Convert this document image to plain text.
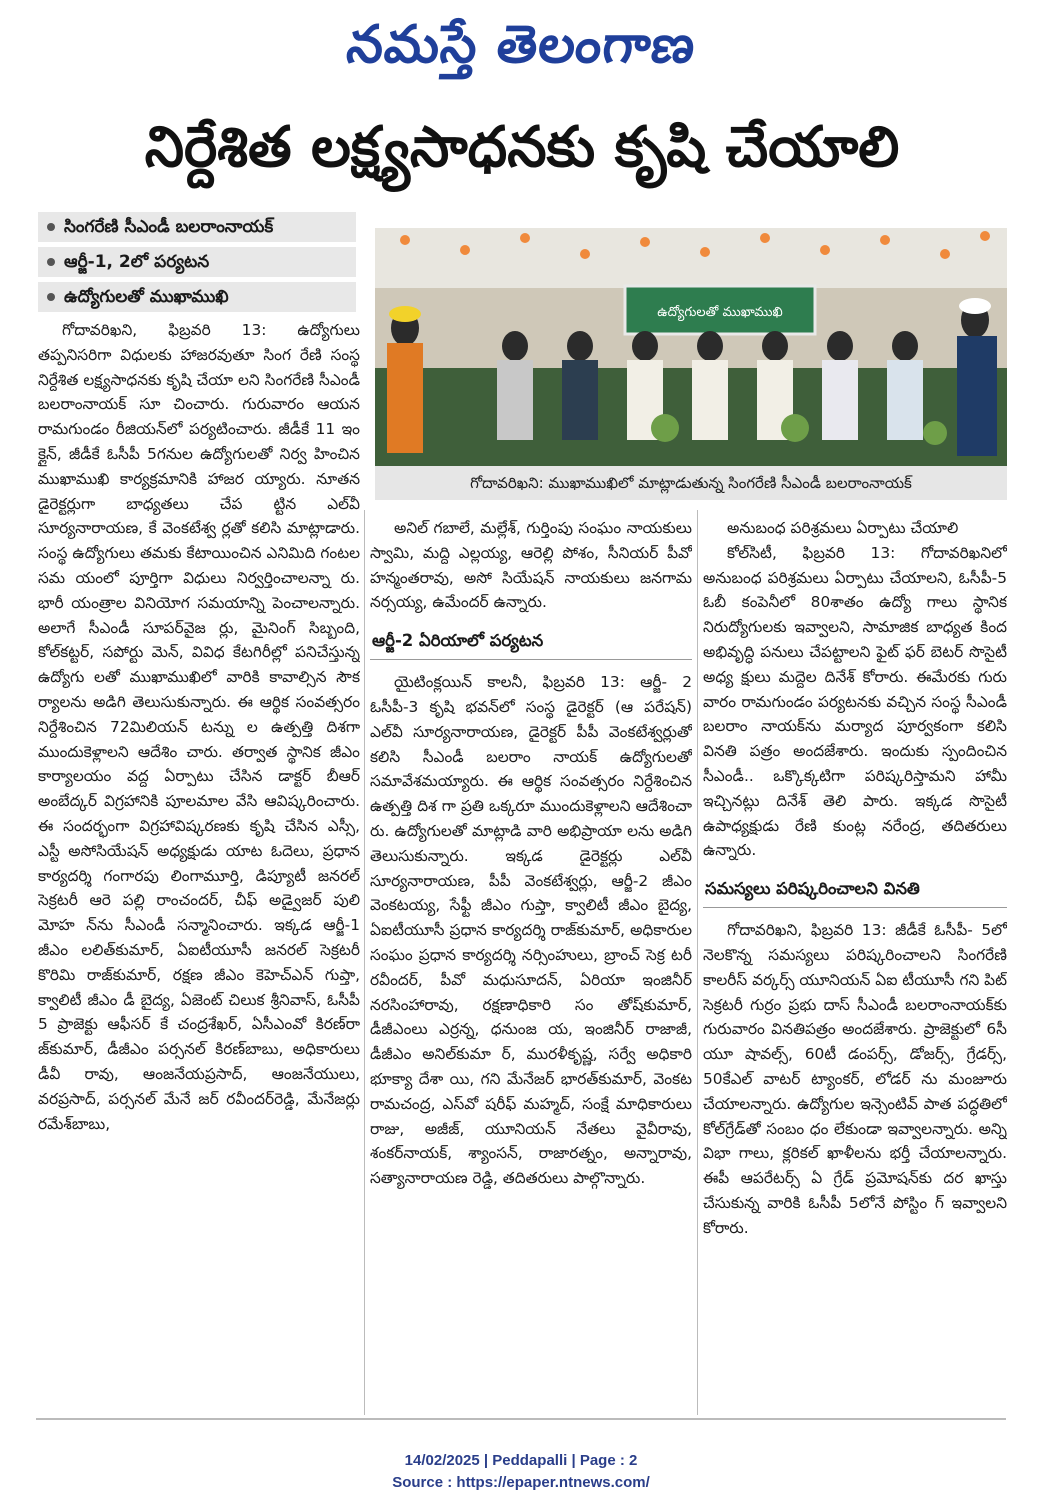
నమస్తే తెలంగాణ
నిర్దేశిత లక్ష్యసాధనకు కృషి చేయాలి
సింగరేణి సీఎండీ బలరాంనాయక్
ఆర్జీ-1, 2లో పర్యటన
ఉద్యోగులతో ముఖాముఖి
ఉద్యోగులతో ముఖాముఖి
గోదావరిఖని: ముఖాముఖిలో మాట్లాడుతున్న సింగరేణి సీఎండీ బలరాంనాయక్

గోదావరిఖని, ఫిబ్రవరి 13: ఉద్యోగులు తప్పనిసరిగా విధులకు హాజరవుతూ సింగ రేణి సంస్థ నిర్దేశిత లక్ష్యసాధనకు కృషి చేయా లని సింగరేణి సీఎండీ బలరాంనాయక్ సూ చించారు. గురువారం ఆయన రామగుండం రీజియన్‌లో పర్యటించారు. జీడీకే 11 ఇం క్లైన్, జీడీకే ఓసీపీ 5గనుల ఉద్యోగులతో నిర్వ హించిన ముఖాముఖి కార్యక్రమానికి హాజర య్యారు. నూతన డైరెక్టర్లుగా బాధ్యతలు చేప ట్టిన ఎల్‌వీ సూర్యనారాయణ, కే వెంకటేశ్వ ర్లతో కలిసి మాట్లాడారు. సంస్థ ఉద్యోగులు తమకు కేటాయించిన ఎనిమిది గంటల సమ యంలో పూర్తిగా విధులు నిర్వర్తించాలన్నా రు. భారీ యంత్రాల వినియోగ సమయాన్ని పెంచాలన్నారు. అలాగే సీఎండీ సూపర్‌వైజ ర్లు, మైనింగ్ సిబ్బంది, కోల్‌కట్టర్, సపోర్టు మెన్, వివిధ కేటగిరీల్లో పనిచేస్తున్న ఉద్యోగు లతో ముఖాముఖిలో వారికి కావాల్సిన సౌక ర్యాలను అడిగి తెలుసుకున్నారు. ఈ ఆర్థిక సంవత్సరం నిర్దేశించిన 72మిలియన్ టన్ను ల ఉత్పత్తి దిశగా ముందుకెళ్లాలని ఆదేశిం చారు. తర్వాత స్థానిక జీఎం కార్యాలయం వద్ద ఏర్పాటు చేసిన డాక్టర్ బీఆర్ అంబేద్కర్ విగ్రహానికి పూలమాల వేసి ఆవిష్కరించారు. ఈ సందర్భంగా విగ్రహావిష్కరణకు కృషి చేసిన ఎస్సీ, ఎస్టీ అసోసియేషన్ అధ్యక్షుడు యాట ఓదెలు, ప్రధాన కార్యదర్శి గంగారపు లింగామూర్తి, డిప్యూటీ జనరల్ సెక్రటరీ ఆరె పల్లి రాంచందర్, చీఫ్ అడ్వైజర్ పులి మోహ న్‌ను సీఎండీ సన్మానించారు. ఇక్కడ ఆర్జీ-1 జీఎం లలిత్‌కుమార్, ఏఐటీయూసీ జనరల్ సెక్రటరీ కొరిమి రాజ్‌కుమార్, రక్షణ జీఎం కెహెచ్ఎన్ గుప్తా, క్వాలిటీ జీఎం డీ బైద్య, ఏజెంట్ చిలుక శ్రీనివాస్, ఓసీపీ 5 ప్రాజెక్టు ఆఫీసర్ కే చంద్రశేఖర్, ఏసీఎంవో కిరణ్‌రా జ్‌కుమార్, డీజీఎం పర్సనల్ కిరణ్‌బాబు, అధికారులు డీవీ రావు, ఆంజనేయప్రసాద్, ఆంజనేయులు, వరప్రసాద్, పర్సనల్ మేనే జర్ రవీందర్‌రెడ్డి, మేనేజర్లు రమేశ్‌బాబు,

అనిల్ గబాలే, మల్లేశ్, గుర్తింపు సంఘం నాయకులు స్వామి, మద్ది ఎల్లయ్య, ఆరెల్లి పోశం, సీనియర్ పీవో హన్మంతరావు, అసో సియేషన్ నాయకులు జనగామ నర్సయ్య, ఉమేందర్ ఉన్నారు.

ఆర్జీ-2 ఏరియాలో పర్యటన

యైటింక్లయిన్ కాలనీ, ఫిబ్రవరి 13: ఆర్జీ- 2 ఓసీపీ-3 కృషి భవన్‌లో సంస్థ డైరెక్టర్ (ఆ పరేషన్) ఎల్‌వీ సూర్యనారాయణ, డైరెక్టర్ పీపీ వెంకటేశ్వర్లుతో కలిసి సీఎండీ బలరాం నాయక్ ఉద్యోగులతో సమావేశమయ్యారు. ఈ ఆర్థిక సంవత్సరం నిర్దేశించిన ఉత్పత్తి దిశ గా ప్రతి ఒక్కరూ ముందుకెళ్లాలని ఆదేశించా రు. ఉద్యోగులతో మాట్లాడి వారి అభిప్రాయా లను అడిగి తెలుసుకున్నారు. ఇక్కడ డైరెక్టర్లు ఎల్‌వీ సూర్యనారాయణ, పీపీ వెంకటేశ్వర్లు, ఆర్జీ-2 జీఎం వెంకటయ్య, సేఫ్టీ జీఎం గుప్తా, క్వాలిటీ జీఎం బైద్య, ఏఐటీయూసీ ప్రధాన కార్యదర్శి రాజ్‌కుమార్, అధికారుల సంఘం ప్రధాన కార్యదర్శి నర్సింహులు, బ్రాంచ్ సెక్ర టరీ రవీందర్, పీవో మధుసూదన్, ఏరియా ఇంజినీర్ నరసింహారావు, రక్షణాధికారి సం తోష్‌కుమార్, డీజీఎంలు ఎర్రన్న, ధనుంజ య, ఇంజినీర్ రాజాజీ, డీజీఎం అనిల్‌కుమా ర్, మురళీకృష్ణ, సర్వే అధికారి భూక్యా దేశా యి, గని మేనేజర్ భారత్‌కుమార్, వెంకట రామచంద్ర, ఎస్‌వో షరీఫ్ మహ్మద్, సంక్షే మాధికారులు రాజు, అజీజ్, యూనియన్ నేతలు వైవీరావు, శంకర్‌నాయక్, శ్యాంసన్, రాజారత్నం, అన్నారావు, సత్యానారాయణ రెడ్డి, తదితరులు పాల్గొన్నారు.

అనుబంధ పరిశ్రమలు ఏర్పాటు చేయాలి

కోల్‌సిటీ, ఫిబ్రవరి 13: గోదావరిఖనిలో అనుబంధ పరిశ్రమలు ఏర్పాటు చేయాలని, ఓసీపీ-5 ఓబీ కంపెనీలో 80శాతం ఉద్యో గాలు స్థానిక నిరుద్యోగులకు ఇవ్వాలని, సామాజిక బాధ్యత కింద అభివృద్ధి పనులు చేపట్టాలని ఫైట్ ఫర్ బెటర్ సొసైటీ అధ్య క్షులు మద్దెల దినేశ్ కోరారు. ఈమేరకు గురు వారం రామగుండం పర్యటనకు వచ్చిన సంస్థ సీఎండీ బలరాం నాయక్‌ను మర్యాద పూర్వకంగా కలిసి వినతి పత్రం అందజేశారు. ఇందుకు స్పందించిన సీఎండీ.. ఒక్కొక్కటిగా పరిష్కరిస్తామని హామీ ఇచ్చినట్లు దినేశ్ తెలి పారు. ఇక్కడ సొసైటీ ఉపాధ్యక్షుడు రేణి కుంట్ల నరేంద్ర, తదితరులు ఉన్నారు.

సమస్యలు పరిష్కరించాలని వినతి

గోదావరిఖని, ఫిబ్రవరి 13: జీడీకే ఓసీపీ- 5లో నెలకొన్న సమస్యలు పరిష్కరించాలని సింగరేణి కాలరీస్ వర్కర్స్ యూనియన్ ఏఐ టీయూసీ గని పిట్ సెక్రటరీ గుర్రం ప్రభు దాస్ సీఎండీ బలరాంనాయక్‌కు గురువారం వినతిపత్రం అందజేశారు. ప్రాజెక్టులో 6సీ యూ షావల్స్, 60టీ డంపర్స్, డోజర్స్, గ్రేడర్స్, 50కేఎల్ వాటర్ ట్యాంకర్, లోడర్ ను మంజూరు చేయాలన్నారు. ఉద్యోగుల ఇన్సెంటివ్ పాత పద్ధతిలో కోల్‌గ్రేడ్‌తో సంబం ధం లేకుండా ఇవ్వాలన్నారు. అన్ని విభా గాలు, క్లరికల్ ఖాళీలను భర్తీ చేయాలన్నారు. ఈపీ ఆపరేటర్స్ ఏ గ్రేడ్ ప్రమోషన్‌కు దర ఖాస్తు చేసుకున్న వారికి ఓసీపీ 5లోనే పోస్టిం గ్ ఇవ్వాలని కోరారు.

14/02/2025 | Peddapalli | Page : 2
Source : https://epaper.ntnews.com/
